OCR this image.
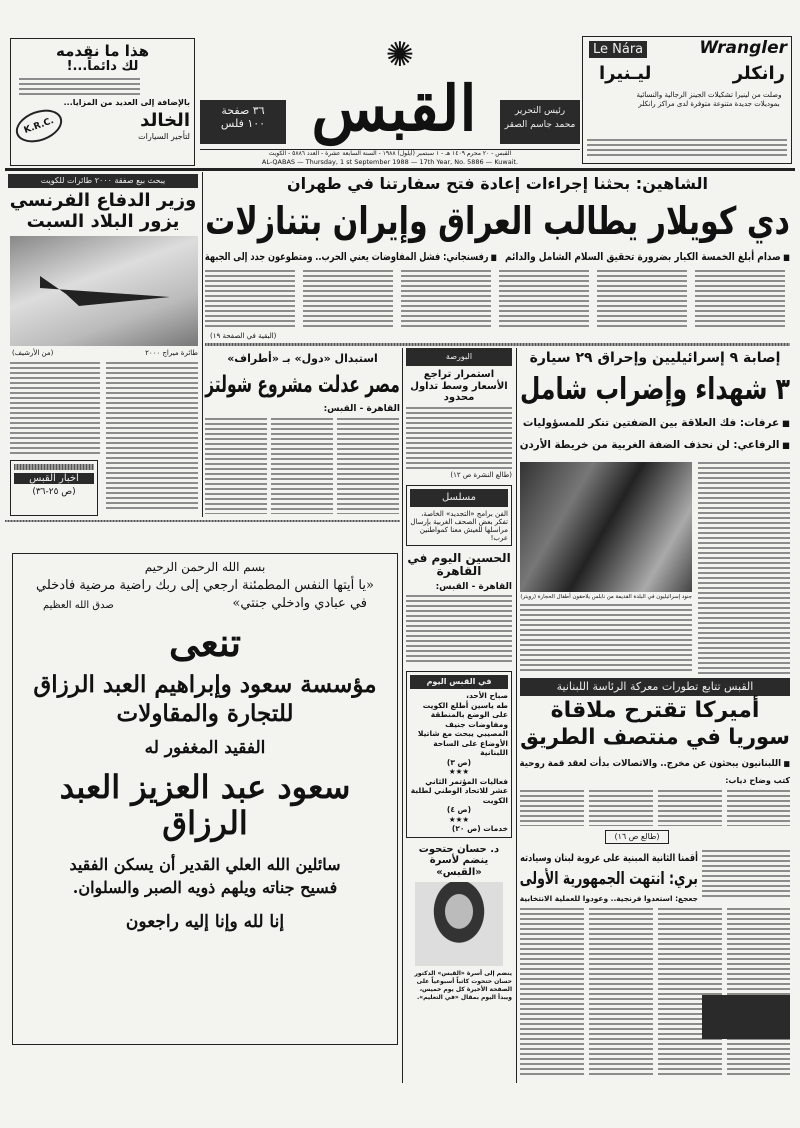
هذا ما نقدمه
لك دائماً...!
بالإضافة إلى العديد من المزايا...
الخالد
لتأجير السيارات
K.R.C.
٣٦ صفحة
١٠٠ فلس
✺
القبس	رئيس التحرير
محمد جاسم الصقر
القبس - ٢٠ محرم ١٤٠٩ هـ - ١ سبتمبر (أيلول) ١٩٨٨ - السنة السابعة عشرة - العدد ٥٨٨٦ - الكويت
AL-QABAS — Thursday, 1 st September 1988 — 17th Year, No. 5886 — Kuwait.
Le Nára	Wrangler
ليـنيرا	رانكلر
وصلت من لينيرا تشكيلات الجينز الرجالية والنسائية بموديلات جديدة متنوعة متوفرة لدى مراكز رانكلر
يبحث بيع صفقة ٢٠٠٠ طائرات للكويت
وزير الدفاع الفرنسي يزور البلاد السبت
طائرة ميراج ٢٠٠٠
(من الأرشيف)
أخبار القبس
(ص ٢٥-٣٦)
الشاهين: بحثنا إجراءات إعادة فتح سفارتنا في طهران
دي كويلار يطالب العراق وإيران بتنازلات
■ صدام أبلغ الخمسة الكبار بضرورة تحقيق السلام الشامل والدائم
■ رفسنجاني: فشل المفاوضات يعني الحرب.. ومتطوعون جدد إلى الجبهة
(البقية في الصفحة ١٩)
إصابة ٩ إسرائيليين وإحراق ٢٩ سيارة
٣ شهداء وإضراب شامل
■ عرفات: فك العلاقة بين الضفتين تنكر للمسؤوليات
■ الرفاعي: لن نحذف الضفة الغربية من خريطة الأردن
جنود إسرائيليون في البلدة القديمة من نابلس يلاحقون أطفال الحجارة (رويتر)
البورصة
استمرار تراجع الأسعار وسط تداول محدود
(طالع النشرة ص ١٢)
مسلسل
الفن برامج «التجديد» الخاصة، تفكر بعض الصحف الغربية بإرسال مراسلها للعيش معنا كمواطنين عرب!
الحسين اليوم في القاهرة
القاهرة - القبس:
في القبس اليوم
صباح الأحد،
طه ياسين أطلع الكويت على الوضع بالمنطقة ومفاوضات جنيف
المصيبي يبحث مع شاتيلا الأوضاع على الساحة اللبنانية
(ص ٣)
★★★
فعاليات المؤتمر الثاني عشر للاتحاد الوطني لطلبة الكويت
(ص ٤)
★★★
خدمات (ص ٢٠)
د. حسان حتحوت ينضم لأسرة «القبس»
ينضم إلى أسرة «القبس» الدكتور حسان حتحوت كاتباً أسبوعياً على الصفحة الأخيرة كل يوم خميس، ويبدأ اليوم بمقال «في التعليم».
استبدال «دول» بـ «أطراف»
مصر عدلت مشروع شولتز
القاهرة - القبس:
بسم الله الرحمن الرحيم
«يا أيتها النفس المطمئنة ارجعي إلى ربك راضية مرضية فادخلي
في عبادي وادخلي جنتي»
صدق الله العظيم
تنعى
مؤسسة سعود وإبراهيم العبد الرزاق
للتجارة والمقاولات
الفقيد المغفور له
سعود عبد العزيز العبد الرزاق
سائلين الله العلي القدير أن يسكن الفقيد
فسيح جناته ويلهم ذويه الصبر والسلوان.
إنا لله وإنا إليه راجعون
القبس تتابع تطورات معركة الرئاسة اللبنانية
أميركا تقترح ملاقاة
سوريا في منتصف الطريق
■ اللبنانيون يبحثون عن مخرج.. والاتصالات بدأت لعقد قمة روحية
كتب وضاح دياب:
(طالع ص ١٦)
أقمنا الثانية المبنية على عروبة لبنان وسيادته
بري: انتهت الجمهورية الأولى
جعجع: استعدوا فرنجية.. وعودوا للعملية الانتخابية
